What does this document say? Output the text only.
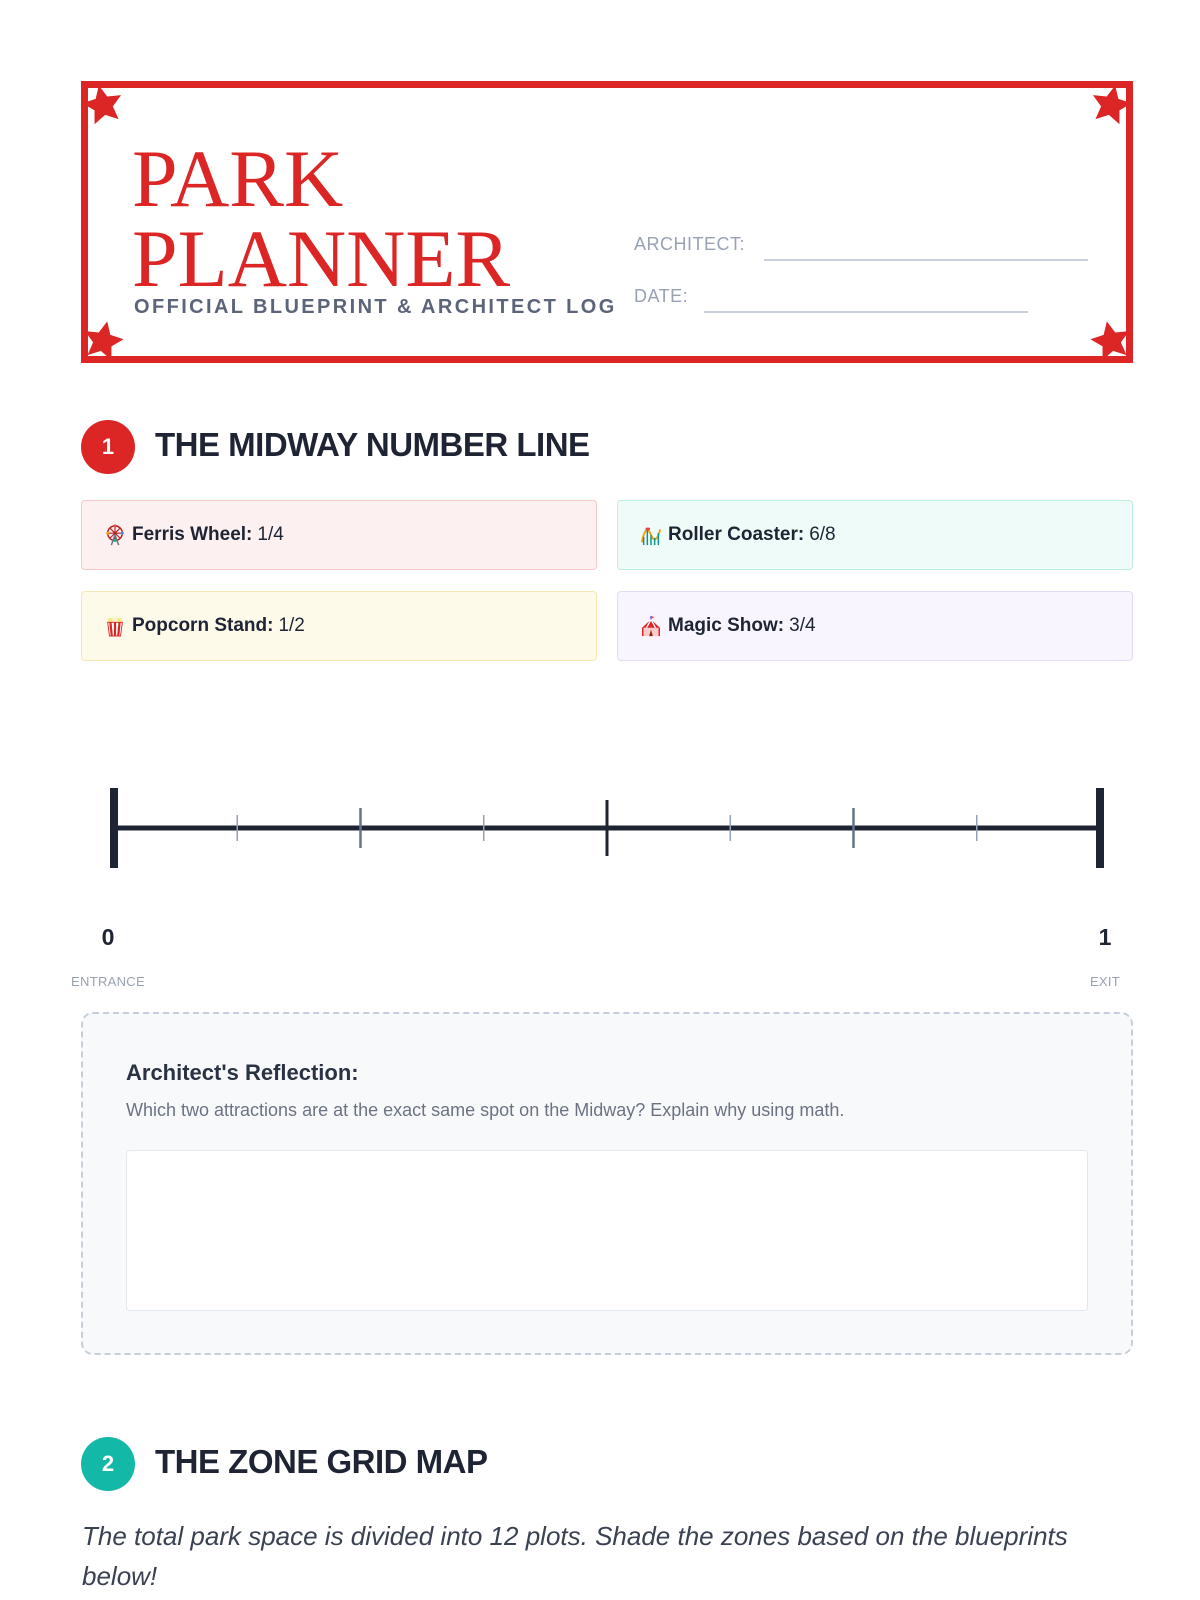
PARK
PLANNER
OFFICIAL BLUEPRINT & ARCHITECT LOG
ARCHITECT:
DATE:
1	THE MIDWAY NUMBER LINE
Ferris Wheel: 1/4	Roller Coaster: 6/8
Popcorn Stand: 1/2	Magic Show: 3/4
0	1
ENTRANCE	EXIT
Architect's Reflection:
Which two attractions are at the exact same spot on the Midway? Explain why using math.
2	THE ZONE GRID MAP
The total park space is divided into 12 plots. Shade the zones based on the blueprints below!
